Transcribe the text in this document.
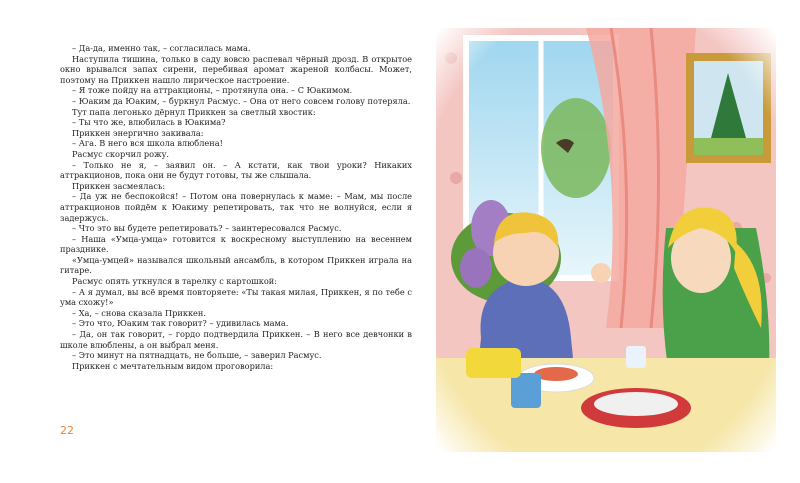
– Да-да, именно так, – согласилась мама.

Наступила тишина, только в саду вовсю распевал чёрный дрозд. В открытое окно врывался запах сирени, перебивая аромат жареной колбасы. Может, поэтому на Приккен нашло лирическое настроение.

– Я тоже пойду на аттракционы, – протянула она. – С Юакимом.

– Юаким да Юаким, – буркнул Расмус. – Она от него совсем голову потеряла.

Тут папа легонько дёрнул Приккен за светлый хвостик:

– Ты что же, влюбилась в Юакима?

Приккен энергично закивала:

– Ага. В него вся школа влюблена!

Расмус скорчил рожу.

– Только не я, – заявил он. – А кстати, как твои уроки? Никаких аттракционов, пока они не будут готовы, ты же слышала.

Приккен засмеялась:

– Да уж не беспокойся! – Потом она повернулась к маме: – Мам, мы после аттракционов пойдём к Юакиму репетировать, так что не волнуйся, если я задержусь.

– Что это вы будете репетировать? – заинтересовался Расмус.

– Наша «Умца-умца» готовится к воскресному выступлению на весеннем празднике.

«Умца-умцей» назывался школьный ансамбль, в котором Приккен играла на гитаре.

Расмус опять уткнулся в тарелку с картошкой:

– А я думал, вы всё время повторяете: «Ты такая милая, Приккен, я по тебе с ума схожу!»

– Ха, – снова сказала Приккен.

– Это что, Юаким так говорит? – удивилась мама.

– Да, он так говорит, – гордо подтвердила Приккен. – В него все девчонки в школе влюблены, а он выбрал меня.

– Это минут на пятнадцать, не больше, – заверил Расмус.

Приккен с мечтательным видом проговорила:

22
